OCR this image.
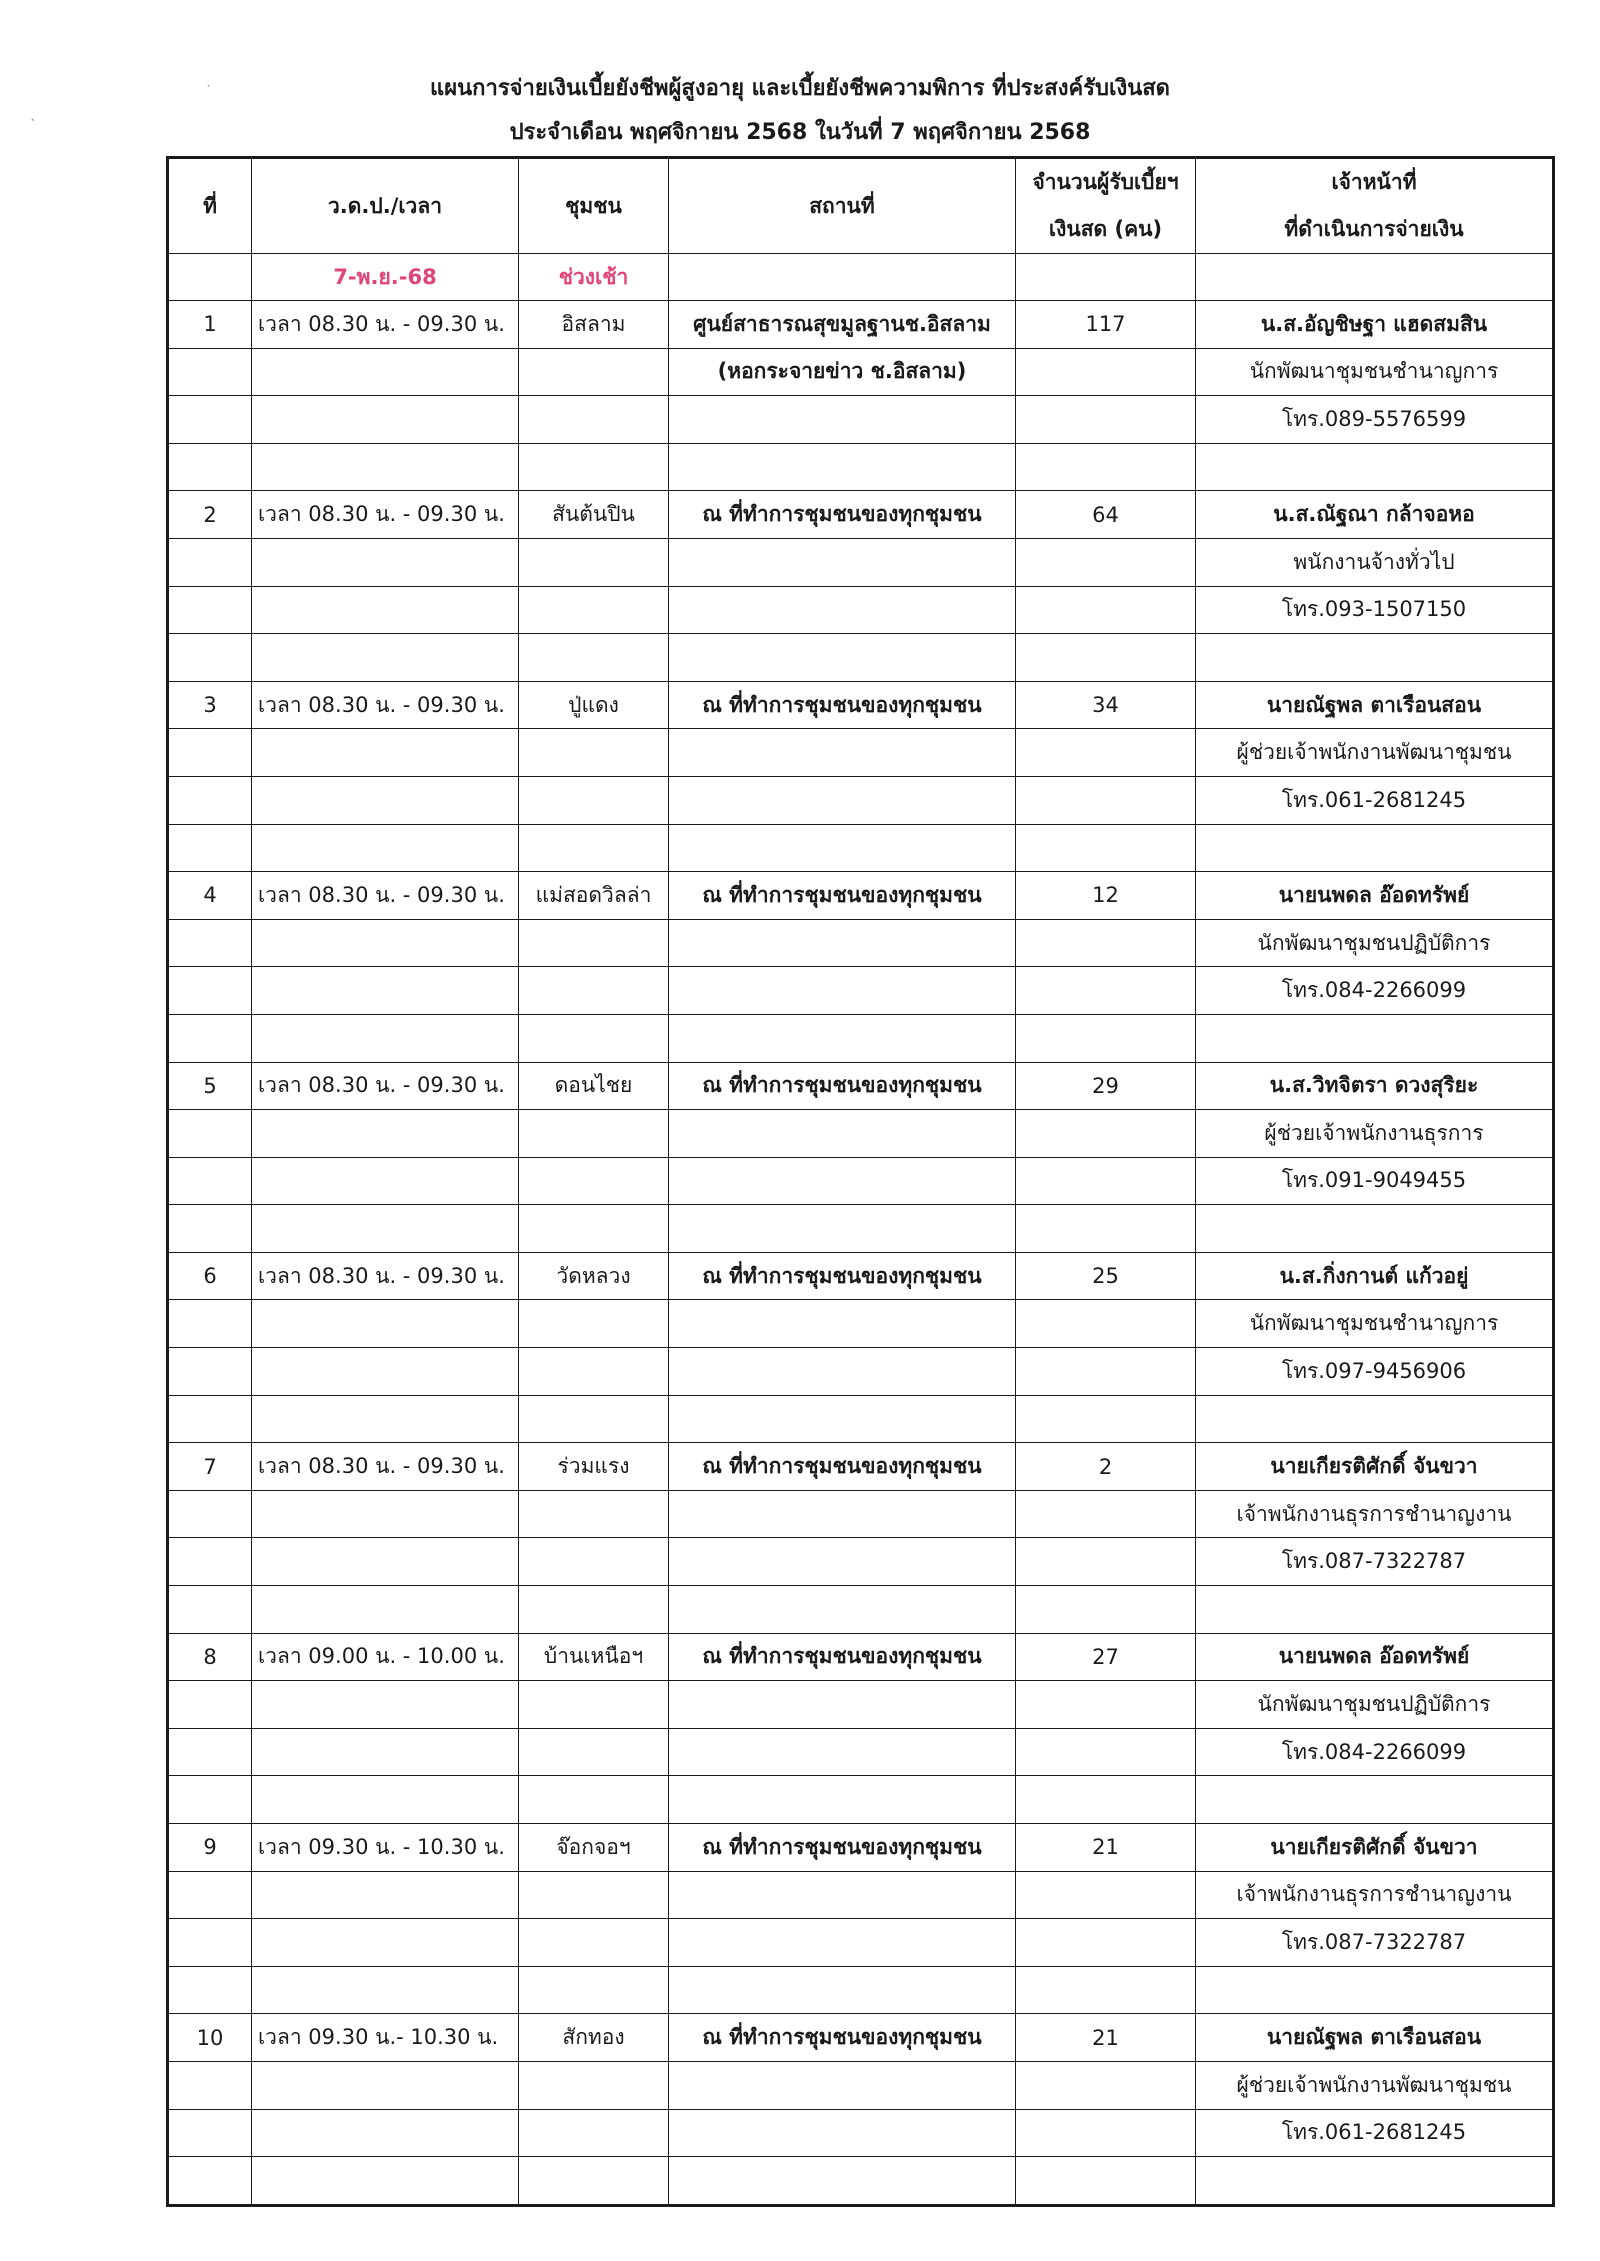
˙
`
แผนการจ่ายเงินเบี้ยยังชีพผู้สูงอายุ และเบี้ยยังชีพความพิการ ที่ประสงค์รับเงินสด
ประจำเดือน พฤศจิกายน 2568 ในวันที่ 7 พฤศจิกายน 2568
ที่	ว.ด.ป./เวลา	ชุมชน	สถานที่	จำนวนผู้รับเบี้ยฯ	เจ้าหน้าที่
				เงินสด (คน)	ที่ดำเนินการจ่ายเงิน
	7-พ.ย.-68	ช่วงเช้า			
1	เวลา 08.30 น. - 09.30 น.	อิสลาม	ศูนย์สาธารณสุขมูลฐานช.อิสลาม	117	น.ส.อัญชิษฐา แฮดสมสิน
			(หอกระจายข่าว ช.อิสลาม)		นักพัฒนาชุมชนชำนาญการ
					โทร.089-5576599

2	เวลา 08.30 น. - 09.30 น.	สันต้นปิน	ณ ที่ทำการชุมชนของทุกชุมชน	64	น.ส.ณัฐณา กล้าจอหอ
					พนักงานจ้างทั่วไป
					โทร.093-1507150

3	เวลา 08.30 น. - 09.30 น.	ปู่แดง	ณ ที่ทำการชุมชนของทุกชุมชน	34	นายณัฐพล ตาเรือนสอน
					ผู้ช่วยเจ้าพนักงานพัฒนาชุมชน
					โทร.061-2681245

4	เวลา 08.30 น. - 09.30 น.	แม่สอดวิลล่า	ณ ที่ทำการชุมชนของทุกชุมชน	12	นายนพดล อ๊อดทรัพย์
					นักพัฒนาชุมชนปฏิบัติการ
					โทร.084-2266099

5	เวลา 08.30 น. - 09.30 น.	ดอนไชย	ณ ที่ทำการชุมชนของทุกชุมชน	29	น.ส.วิทจิตรา ดวงสุริยะ
					ผู้ช่วยเจ้าพนักงานธุรการ
					โทร.091-9049455

6	เวลา 08.30 น. - 09.30 น.	วัดหลวง	ณ ที่ทำการชุมชนของทุกชุมชน	25	น.ส.กิ่งกานต์ แก้วอยู่
					นักพัฒนาชุมชนชำนาญการ
					โทร.097-9456906

7	เวลา 08.30 น. - 09.30 น.	ร่วมแรง	ณ ที่ทำการชุมชนของทุกชุมชน	2	นายเกียรติศักดิ์ จันขวา
					เจ้าพนักงานธุรการชำนาญงาน
					โทร.087-7322787

8	เวลา 09.00 น. - 10.00 น.	บ้านเหนือฯ	ณ ที่ทำการชุมชนของทุกชุมชน	27	นายนพดล อ๊อดทรัพย์
					นักพัฒนาชุมชนปฏิบัติการ
					โทร.084-2266099

9	เวลา 09.30 น. - 10.30 น.	จ๊อกจอฯ	ณ ที่ทำการชุมชนของทุกชุมชน	21	นายเกียรติศักดิ์ จันขวา
					เจ้าพนักงานธุรการชำนาญงาน
					โทร.087-7322787

10	เวลา 09.30 น.- 10.30 น.	สักทอง	ณ ที่ทำการชุมชนของทุกชุมชน	21	นายณัฐพล ตาเรือนสอน
					ผู้ช่วยเจ้าพนักงานพัฒนาชุมชน
					โทร.061-2681245
